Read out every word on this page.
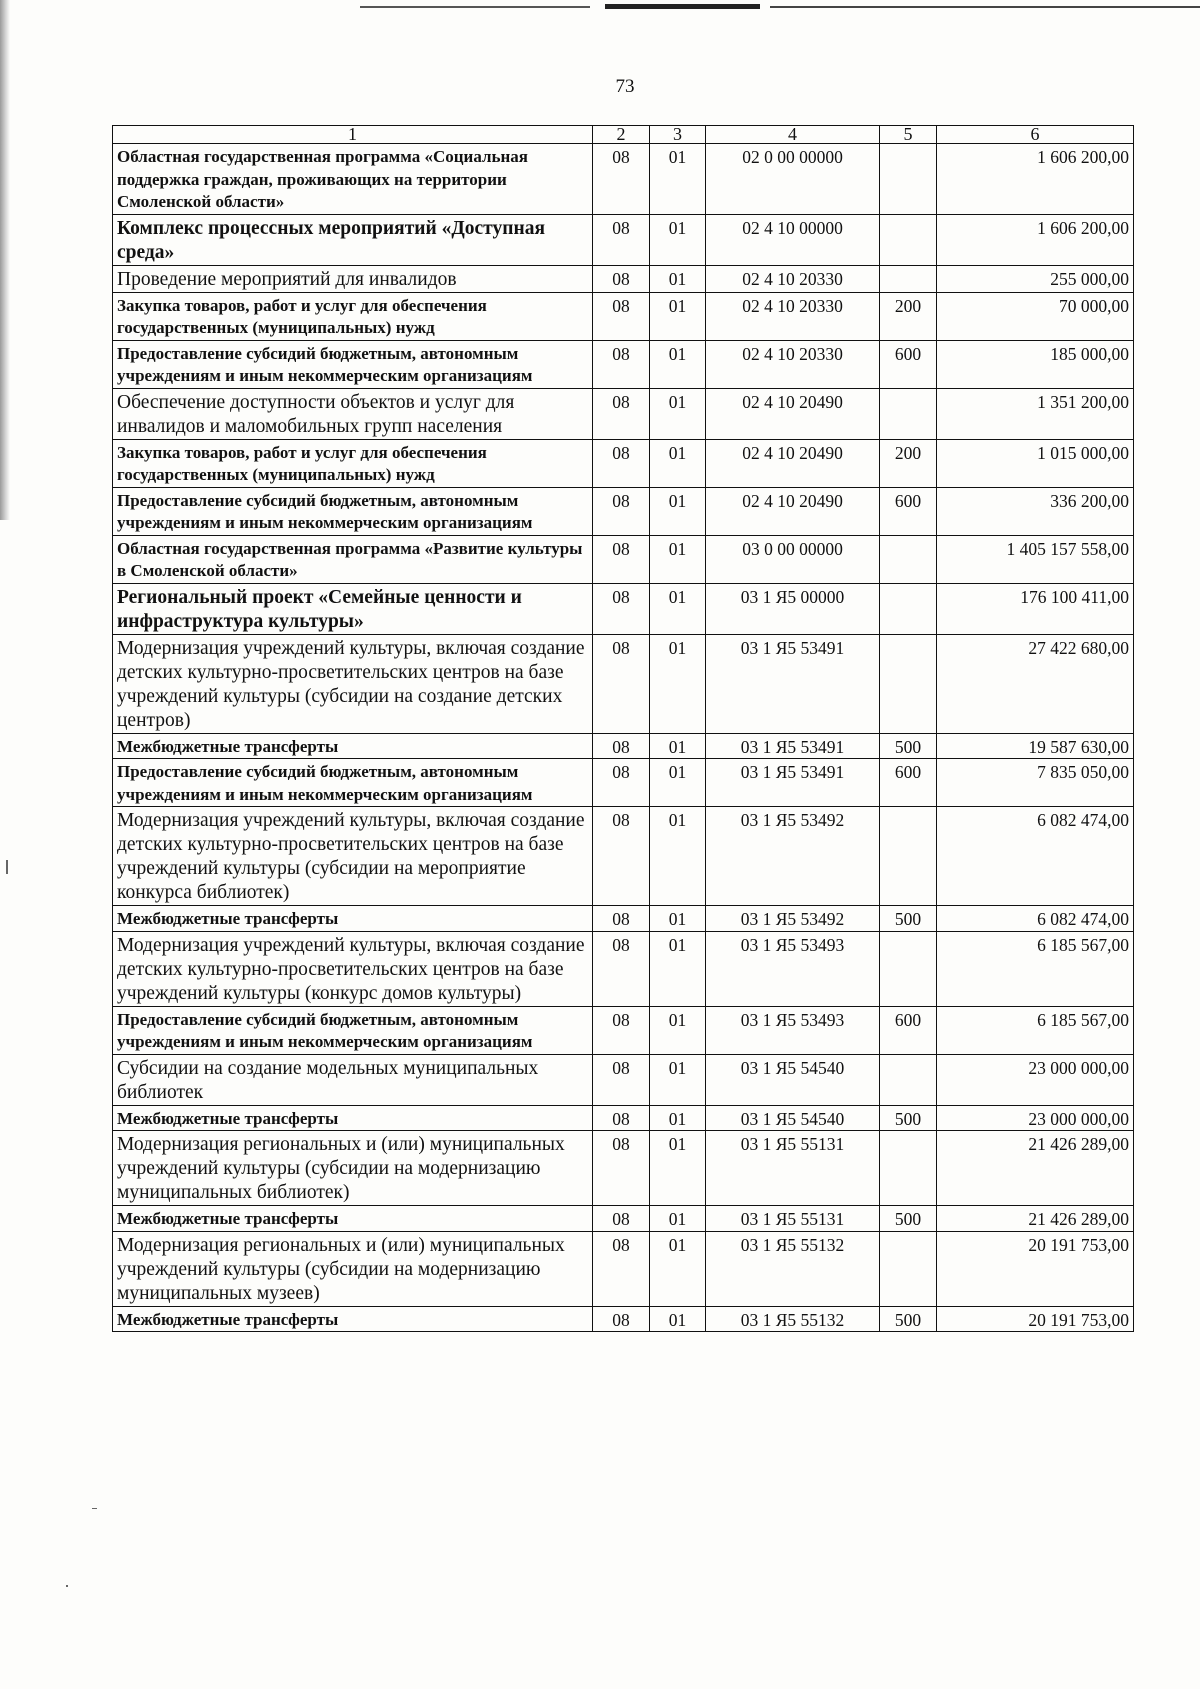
73
1	2	3	4	5	6
Областная государственная программа «Социальная поддержка граждан, проживающих на территории Смоленской области»	08	01	02 0 00 00000		1 606 200,00
Комплекс процессных мероприятий «Доступная среда»	08	01	02 4 10 00000		1 606 200,00
Проведение мероприятий для инвалидов	08	01	02 4 10 20330		255 000,00
Закупка товаров, работ и услуг для обеспечения государственных (муниципальных) нужд	08	01	02 4 10 20330	200	70 000,00
Предоставление субсидий бюджетным, автономным учреждениям и иным некоммерческим организациям	08	01	02 4 10 20330	600	185 000,00
Обеспечение доступности объектов и услуг для инвалидов и маломобильных групп населения	08	01	02 4 10 20490		1 351 200,00
Закупка товаров, работ и услуг для обеспечения государственных (муниципальных) нужд	08	01	02 4 10 20490	200	1 015 000,00
Предоставление субсидий бюджетным, автономным учреждениям и иным некоммерческим организациям	08	01	02 4 10 20490	600	336 200,00
Областная государственная программа «Развитие культуры в Смоленской области»	08	01	03 0 00 00000		1 405 157 558,00
Региональный проект «Семейные ценности и инфраструктура культуры»	08	01	03 1 Я5 00000		176 100 411,00
Модернизация учреждений культуры, включая создание детских культурно-просветительских центров на базе учреждений культуры (субсидии на создание детских центров)	08	01	03 1 Я5 53491		27 422 680,00
Межбюджетные трансферты	08	01	03 1 Я5 53491	500	19 587 630,00
Предоставление субсидий бюджетным, автономным учреждениям и иным некоммерческим организациям	08	01	03 1 Я5 53491	600	7 835 050,00
Модернизация учреждений культуры, включая создание детских культурно-просветительских центров на базе учреждений культуры (субсидии на мероприятие конкурса библиотек)	08	01	03 1 Я5 53492		6 082 474,00
Межбюджетные трансферты	08	01	03 1 Я5 53492	500	6 082 474,00
Модернизация учреждений культуры, включая создание детских культурно-просветительских центров на базе учреждений культуры (конкурс домов культуры)	08	01	03 1 Я5 53493		6 185 567,00
Предоставление субсидий бюджетным, автономным учреждениям и иным некоммерческим организациям	08	01	03 1 Я5 53493	600	6 185 567,00
Субсидии на создание модельных муниципальных библиотек	08	01	03 1 Я5 54540		23 000 000,00
Межбюджетные трансферты	08	01	03 1 Я5 54540	500	23 000 000,00
Модернизация региональных и (или) муниципальных учреждений культуры (субсидии на модернизацию муниципальных библиотек)	08	01	03 1 Я5 55131		21 426 289,00
Межбюджетные трансферты	08	01	03 1 Я5 55131	500	21 426 289,00
Модернизация региональных и (или) муниципальных учреждений культуры (субсидии на модернизацию муниципальных музеев)	08	01	03 1 Я5 55132		20 191 753,00
Межбюджетные трансферты	08	01	03 1 Я5 55132	500	20 191 753,00
